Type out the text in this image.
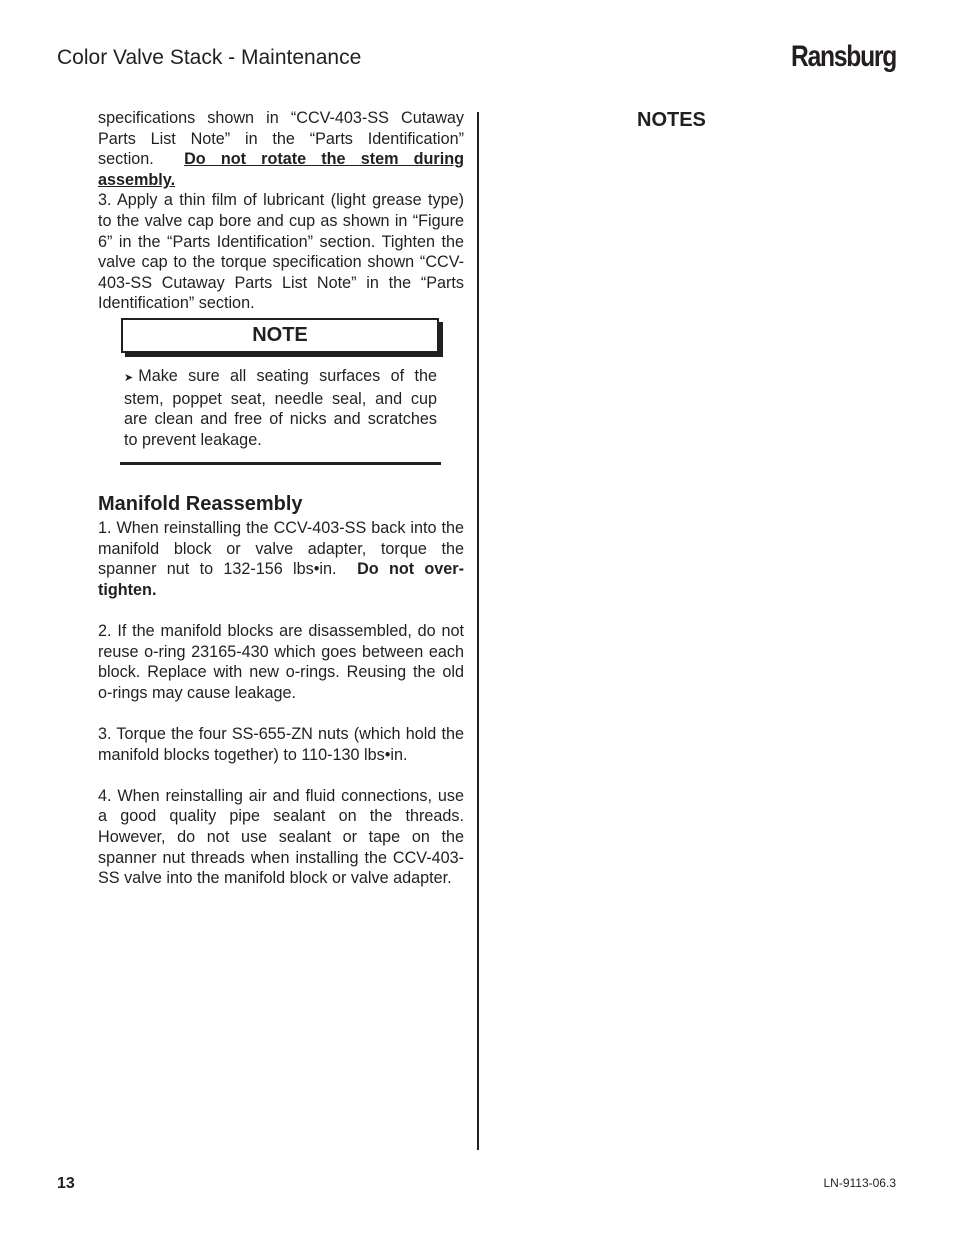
Color Valve Stack - Maintenance	Ransburg

specifications shown in “CCV-403-SS Cutaway Parts List Note” in the “Parts Identification” section. Do not rotate the stem during assembly.

3. Apply a thin film of lubricant (light grease type) to the valve cap bore and cup as shown in “Figure 6” in the “Parts Identification” section. Tighten the valve cap to the torque specification shown “CCV-403-SS Cutaway Parts List Note” in the “Parts Identification” section.

NOTE

➤ Make sure all seating surfaces of the stem, poppet seat, needle seal, and cup are clean and free of nicks and scratches to prevent leakage.

Manifold Reassembly

1. When reinstalling the CCV-403-SS back into the manifold block or valve adapter, torque the spanner nut to 132-156 lbs•in. Do not over-tighten.

2. If the manifold blocks are disassembled, do not reuse o-ring 23165-430 which goes between each block. Replace with new o-rings. Reusing the old o-rings may cause leakage.

3. Torque the four SS-655-ZN nuts (which hold the manifold blocks together) to 110-130 lbs•in.

4. When reinstalling air and fluid connections, use a good quality pipe sealant on the threads. However, do not use sealant or tape on the spanner nut threads when installing the CCV-403-SS valve into the manifold block or valve adapter.

NOTES
13	LN-9113-06.3
